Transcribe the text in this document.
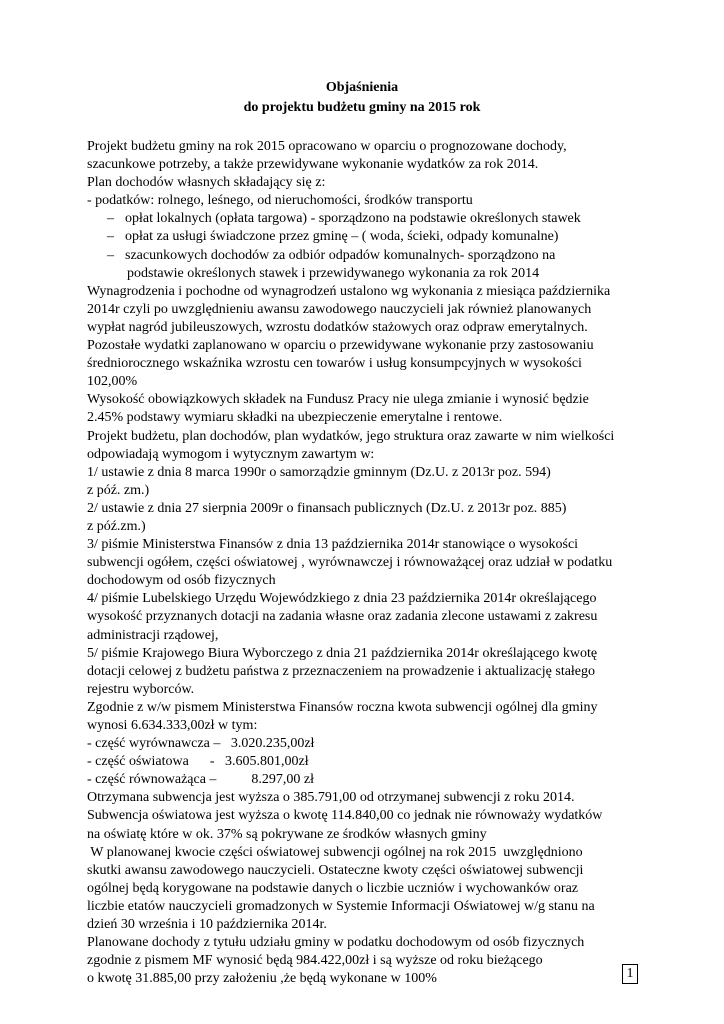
Objaśnienia
do projektu budżetu gminy na 2015 rok
Projekt budżetu gminy na rok 2015 opracowano w oparciu o prognozowane dochody,
szacunkowe potrzeby, a także przewidywane wykonanie wydatków za rok 2014.
Plan dochodów własnych składający się z:
- podatków: rolnego, leśnego, od nieruchomości, środków transportu
– opłat lokalnych (opłata targowa) - sporządzono na podstawie określonych stawek
– opłat za usługi świadczone przez gminę – ( woda, ścieki, odpady komunalne)
– szacunkowych dochodów za odbiór odpadów komunalnych- sporządzono na
podstawie określonych stawek i przewidywanego wykonania za rok 2014
Wynagrodzenia i pochodne od wynagrodzeń ustalono wg wykonania z miesiąca października
2014r czyli po uwzględnieniu awansu zawodowego nauczycieli jak również planowanych
wypłat nagród jubileuszowych, wzrostu dodatków stażowych oraz odpraw emerytalnych.
Pozostałe wydatki zaplanowano w oparciu o przewidywane wykonanie przy zastosowaniu
średniorocznego wskaźnika wzrostu cen towarów i usług konsumpcyjnych w wysokości
102,00%
Wysokość obowiązkowych składek na Fundusz Pracy nie ulega zmianie i wynosić będzie
2.45% podstawy wymiaru składki na ubezpieczenie emerytalne i rentowe.
Projekt budżetu, plan dochodów, plan wydatków, jego struktura oraz zawarte w nim wielkości
odpowiadają wymogom i wytycznym zawartym w:
1/ ustawie z dnia 8 marca 1990r o samorządzie gminnym (Dz.U. z 2013r poz. 594)
z póź. zm.)
2/ ustawie z dnia 27 sierpnia 2009r o finansach publicznych (Dz.U. z 2013r poz. 885)
z póź.zm.)
3/ piśmie Ministerstwa Finansów z dnia 13 października 2014r stanowiące o wysokości
subwencji ogółem, części oświatowej , wyrównawczej i równoważącej oraz udział w podatku
dochodowym od osób fizycznych
4/ piśmie Lubelskiego Urzędu Wojewódzkiego z dnia 23 października 2014r określającego
wysokość przyznanych dotacji na zadania własne oraz zadania zlecone ustawami z zakresu
administracji rządowej,
5/ piśmie Krajowego Biura Wyborczego z dnia 21 października 2014r określającego kwotę
dotacji celowej z budżetu państwa z przeznaczeniem na prowadzenie i aktualizację stałego
rejestru wyborców.
Zgodnie z w/w pismem Ministerstwa Finansów roczna kwota subwencji ogólnej dla gminy
wynosi 6.634.333,00zł w tym:
- część wyrównawcza –   3.020.235,00zł
- część oświatowa      -   3.605.801,00zł
- część równoważąca –          8.297,00 zł
Otrzymana subwencja jest wyższa o 385.791,00 od otrzymanej subwencji z roku 2014.
Subwencja oświatowa jest wyższa o kwotę 114.840,00 co jednak nie równoważy wydatków
na oświatę które w ok. 37% są pokrywane ze środków własnych gminy
W planowanej kwocie części oświatowej subwencji ogólnej na rok 2015  uwzględniono
skutki awansu zawodowego nauczycieli. Ostateczne kwoty części oświatowej subwencji
ogólnej będą korygowane na podstawie danych o liczbie uczniów i wychowanków oraz
liczbie etatów nauczycieli gromadzonych w Systemie Informacji Oświatowej w/g stanu na
dzień 30 września i 10 października 2014r.
Planowane dochody z tytułu udziału gminy w podatku dochodowym od osób fizycznych
zgodnie z pismem MF wynosić będą 984.422,00zł i są wyższe od roku bieżącego
o kwotę 31.885,00 przy założeniu ,że będą wykonane w 100%	1
